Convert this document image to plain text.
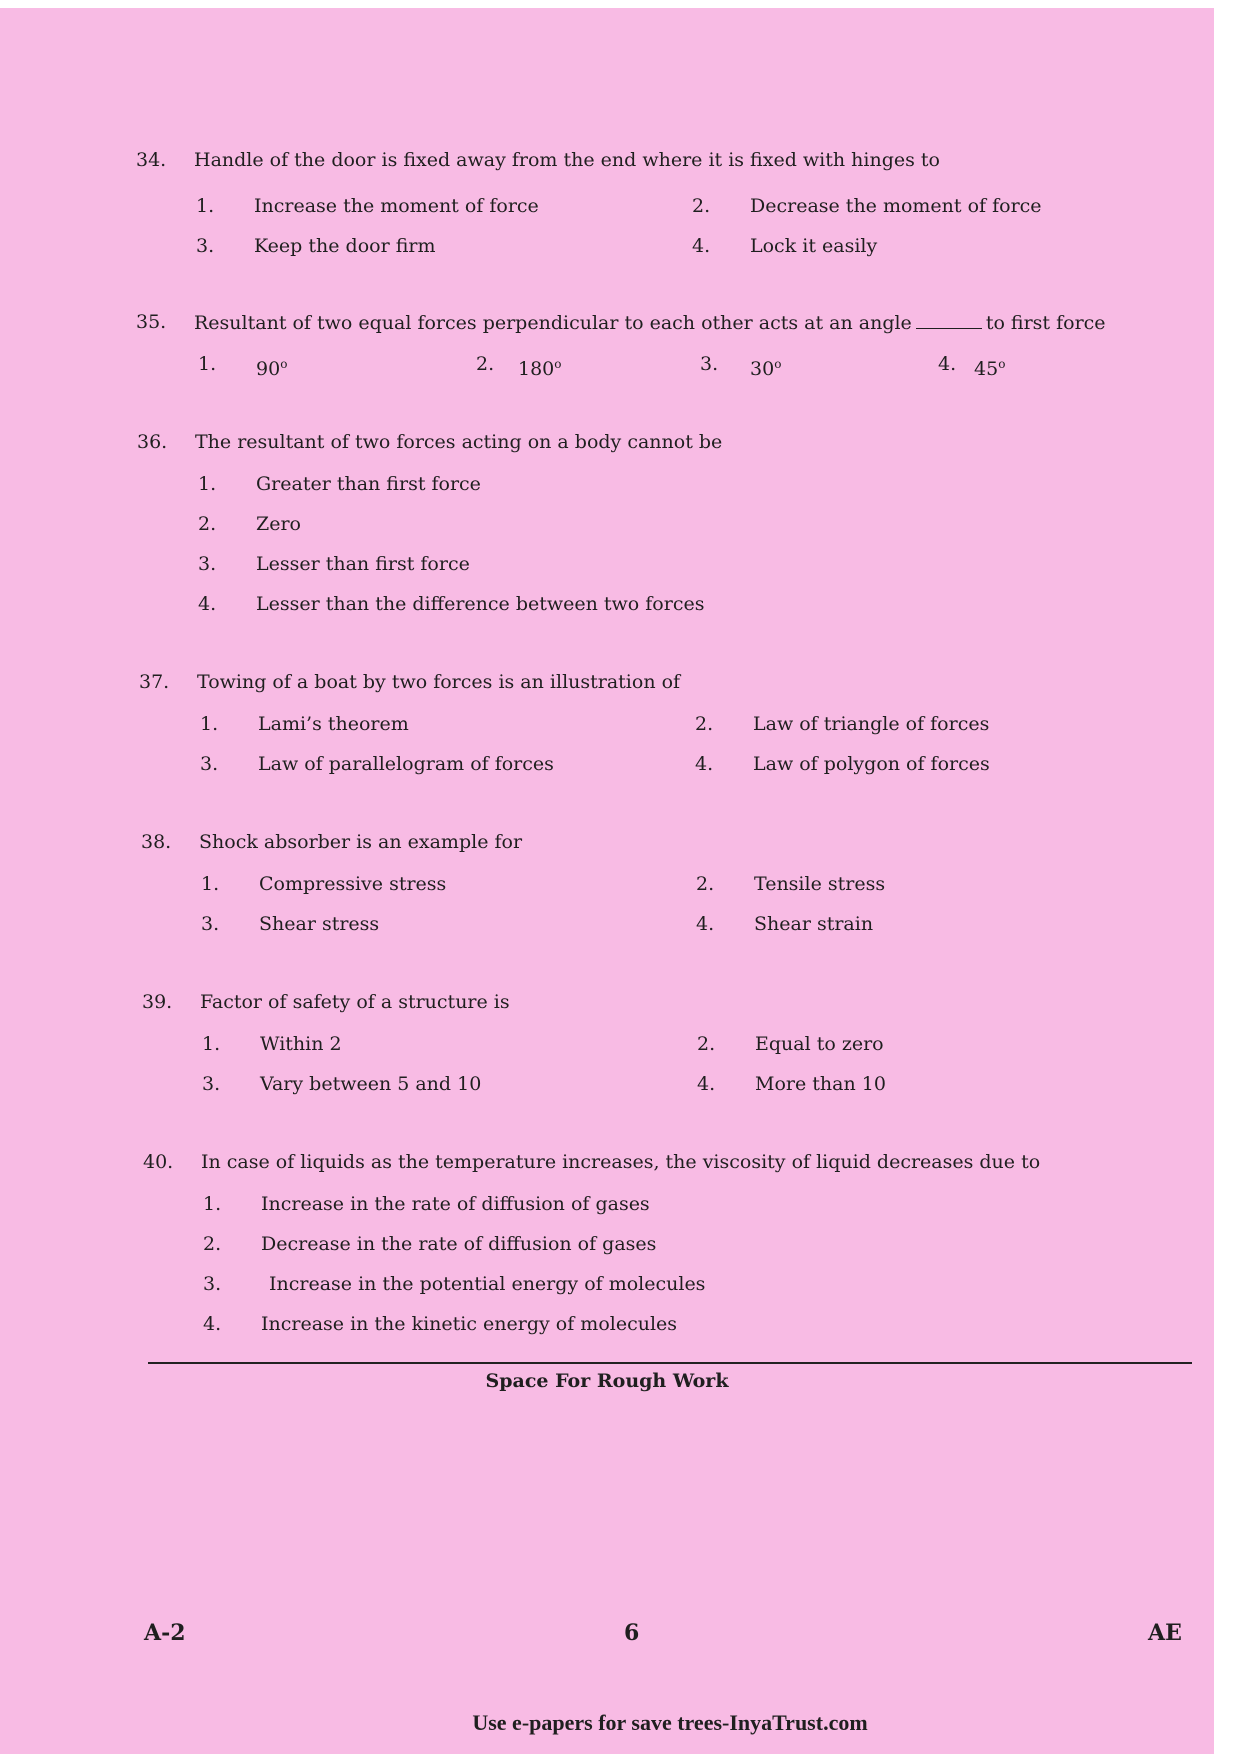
34. Handle of the door is fixed away from the end where it is fixed with hinges to
1. Increase the moment of force	2. Decrease the moment of force
3. Keep the door firm	4. Lock it easily
35. Resultant of two equal forces perpendicular to each other acts at an angle	to first force
1. 90$^o$	2. 180$^o$	3. 30$^o$	4. 45$^o$
36. The resultant of two forces acting on a body cannot be
1. Greater than first force
2. Zero
3. Lesser than first force
4. Lesser than the difference between two forces
37. Towing of a boat by two forces is an illustration of
1. Lami’s theorem	2. Law of triangle of forces
3. Law of parallelogram of forces	4. Law of polygon of forces
38. Shock absorber is an example for
1. Compressive stress	2. Tensile stress
3. Shear stress	4. Shear strain
39. Factor of safety of a structure is
1. Within 2	2. Equal to zero
3. Vary between 5 and 10	4. More than 10
40. In case of liquids as the temperature increases, the viscosity of liquid decreases due to
1. Increase in the rate of diffusion of gases
2. Decrease in the rate of diffusion of gases
3.	Increase in the potential energy of molecules
4. Increase in the kinetic energy of molecules
Space For Rough Work
A-2	6	AE
Use e-papers for save trees-InyaTrust.com
